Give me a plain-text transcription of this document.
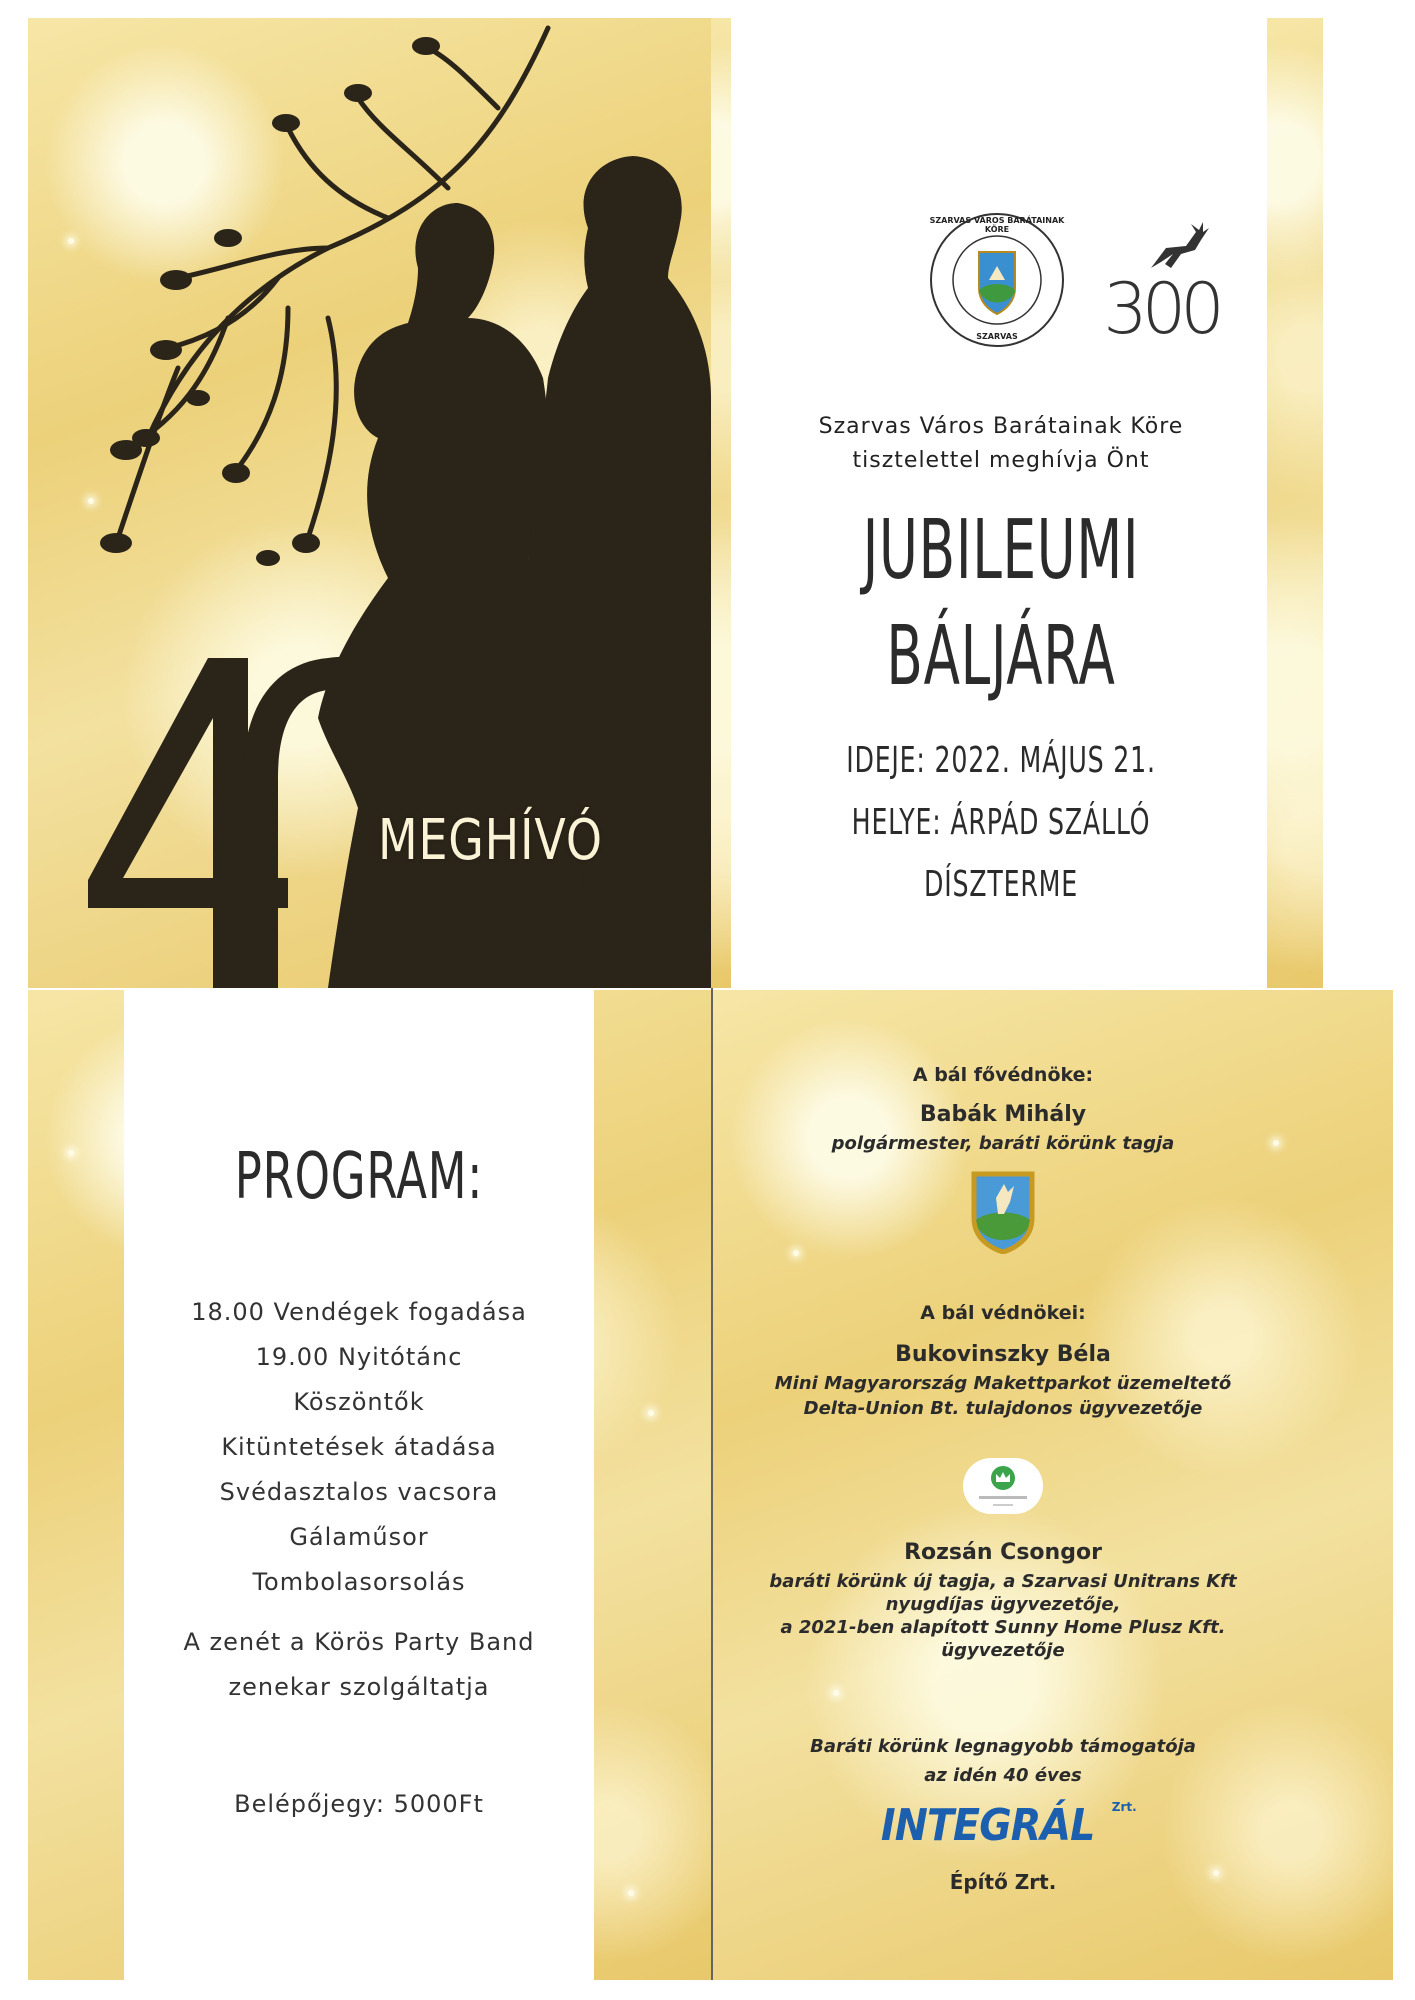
MEGHÍVÓ
SZARVAS VÁROS BARÁTAINAK KÖRE
SZARVAS	300
Szarvas Város Barátainak Köre
tisztelettel meghívja Önt
JUBILEUMI
BÁLJÁRA
IDEJE: 2022. MÁJUS 21.
HELYE: ÁRPÁD SZÁLLÓ DÍSZTERME
PROGRAM:
18.00 Vendégek fogadása
19.00 Nyitótánc
Köszöntők
Kitüntetések átadása
Svédasztalos vacsora
Gálaműsor
Tombolasorsolás
A zenét a Körös Party Band
zenekar szolgáltatja
Belépőjegy: 5000Ft
A bál fővédnöke:
Babák Mihály
polgármester, baráti körünk tagja
A bál védnökei:
Bukovinszky Béla
Mini Magyarország Makettparkot üzemeltető
Delta-Union Bt. tulajdonos ügyvezetője
Rozsán Csongor
baráti körünk új tagja, a Szarvasi Unitrans Kft
nyugdíjas ügyvezetője,
a 2021-ben alapított Sunny Home Plusz Kft.
ügyvezetője
Baráti körünk legnagyobb támogatója
az idén 40 éves
INTEGRÁL $^{Zrt.}$
Építő Zrt.
